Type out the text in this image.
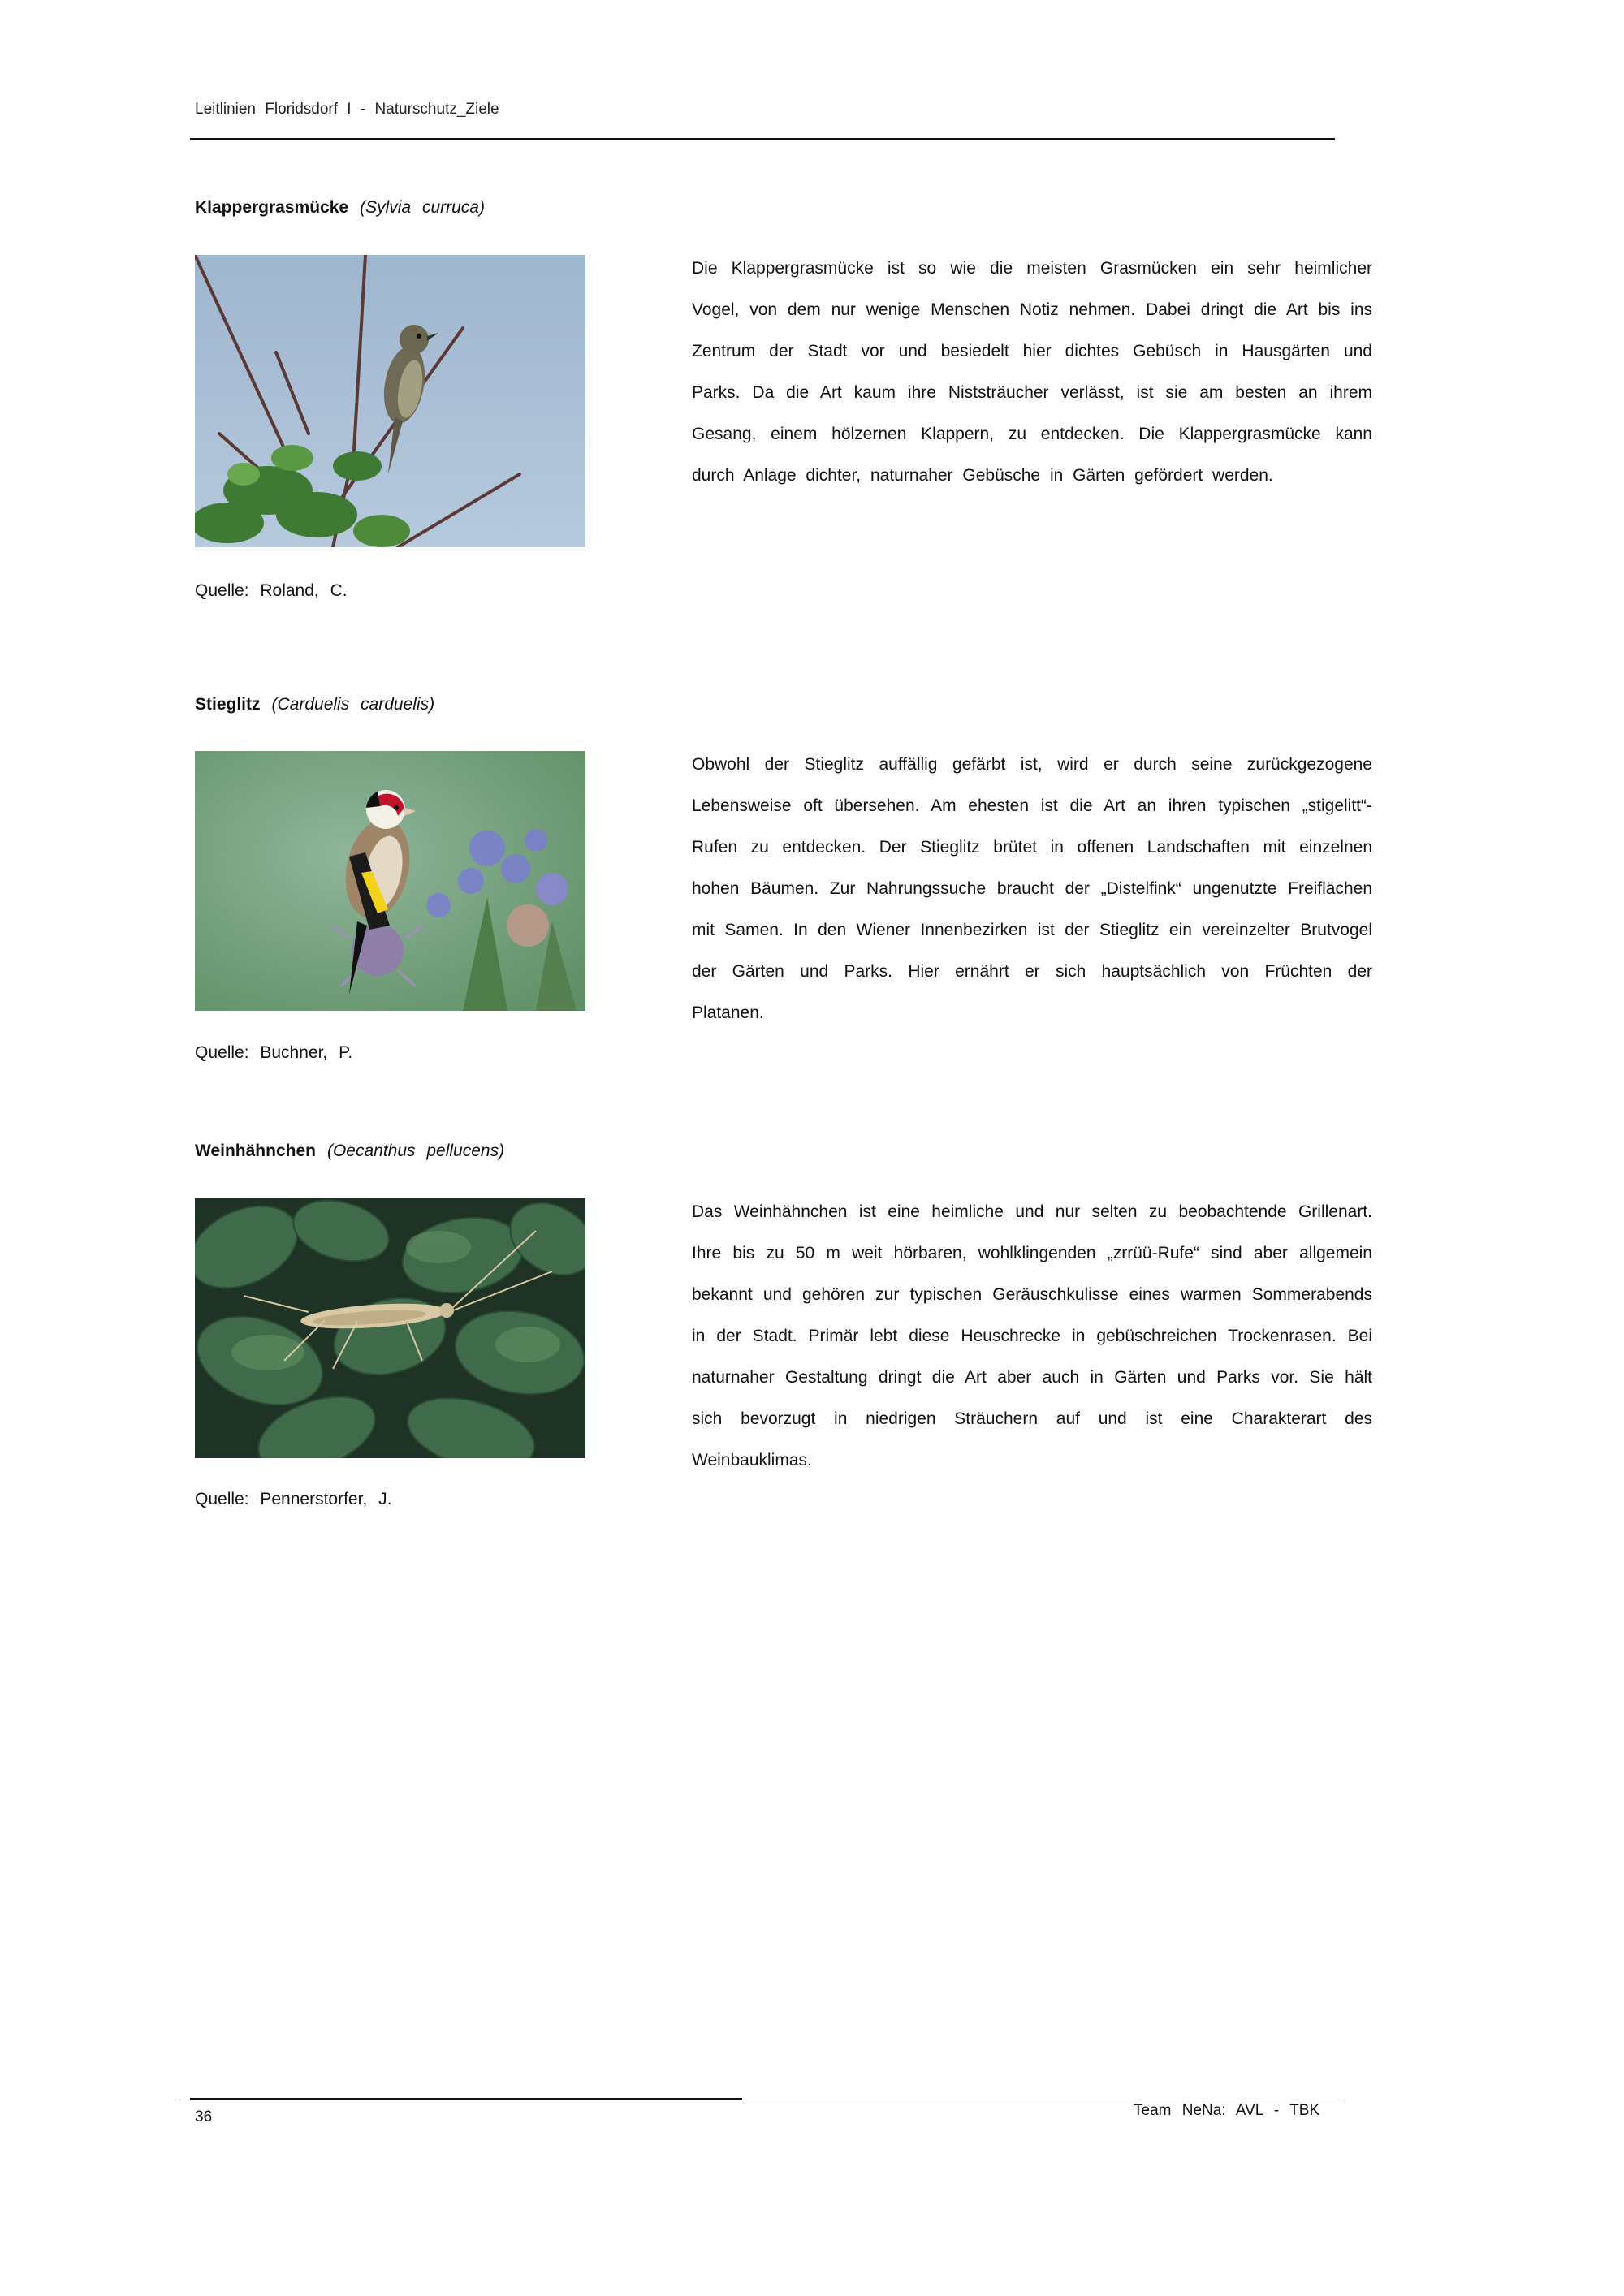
Leitlinien Floridsdorf I - Naturschutz_Ziele
Klappergrasmücke (Sylvia curruca)
Die Klappergrasmücke ist so wie die meisten Grasmücken ein sehr heimlicher Vogel, von dem nur wenige Menschen Notiz nehmen. Dabei dringt die Art bis ins Zentrum der Stadt vor und besiedelt hier dichtes Gebüsch in Hausgärten und Parks. Da die Art kaum ihre Niststräucher verlässt, ist sie am besten an ihrem Gesang, einem hölzernen Klappern, zu entdecken. Die Klappergrasmücke kann durch Anlage dichter, naturnaher Gebüsche in Gärten gefördert werden.
Quelle: Roland, C.
Stieglitz (Carduelis carduelis)
Obwohl der Stieglitz auffällig gefärbt ist, wird er durch seine zurückgezogene Lebensweise oft übersehen. Am ehesten ist die Art an ihren typischen „stigelitt“-Rufen zu entdecken. Der Stieglitz brütet in offenen Landschaften mit einzelnen hohen Bäumen. Zur Nahrungssuche braucht der „Distelfink“ ungenutzte Freiflächen mit Samen. In den Wiener Innenbezirken ist der Stieglitz ein vereinzelter Brutvogel der Gärten und Parks. Hier ernährt er sich hauptsächlich von Früchten der Platanen.
Quelle: Buchner, P.
Weinhähnchen (Oecanthus pellucens)
Das Weinhähnchen ist eine heimliche und nur selten zu beobachtende Grillenart. Ihre bis zu 50 m weit hörbaren, wohlklingenden „zrrüü-Rufe“ sind aber allgemein bekannt und gehören zur typischen Geräuschkulisse eines warmen Sommerabends in der Stadt. Primär lebt diese Heuschrecke in gebüschreichen Trockenrasen. Bei naturnaher Gestaltung dringt die Art aber auch in Gärten und Parks vor. Sie hält sich bevorzugt in niedrigen Sträuchern auf und ist eine Charakterart des Weinbauklimas.
Quelle: Pennerstorfer, J.
36	Team NeNa: AVL - TBK
